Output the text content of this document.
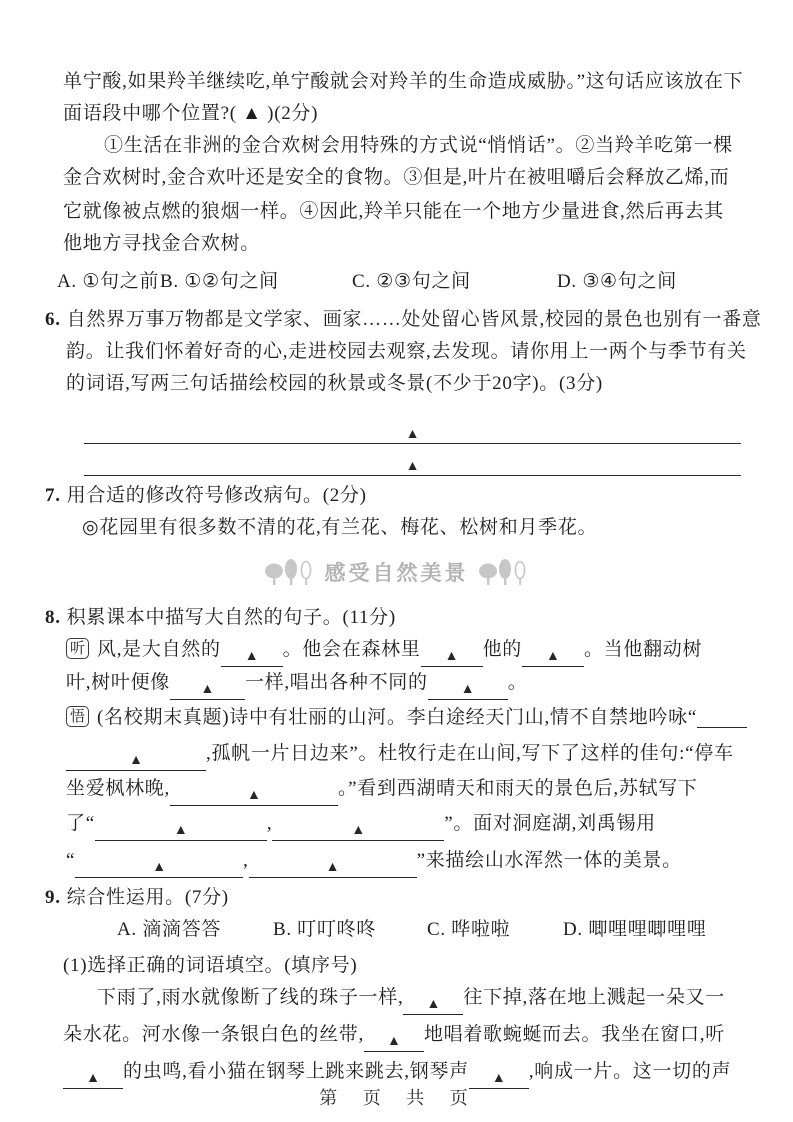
单宁酸,如果羚羊继续吃,单宁酸就会对羚羊的生命造成威胁。”这句话应该放在下
面语段中哪个位置?( ▲ )(2分)
①生活在非洲的金合欢树会用特殊的方式说“悄悄话”。②当羚羊吃第一棵
金合欢树时,金合欢叶还是安全的食物。③但是,叶片在被咀嚼后会释放乙烯,而
它就像被点燃的狼烟一样。④因此,羚羊只能在一个地方少量进食,然后再去其
他地方寻找金合欢树。
A. ①句之前 B. ①②句之间	C. ②③句之间	D. ③④句之间
6. 自然界万事万物都是文学家、画家……处处留心皆风景,校园的景色也别有一番意
韵。让我们怀着好奇的心,走进校园去观察,去发现。请你用上一两个与季节有关
的词语,写两三句话描绘校园的秋景或冬景(不少于20字)。(3分)
▲
▲
7. 用合适的修改符号修改病句。(2分)
◎花园里有很多数不清的花,有兰花、梅花、松树和月季花。
感受自然美景
8. 积累课本中描写大自然的句子。(11分)
听 风,是大自然的 ▲ 。他会在森林里 ▲ 他的 ▲ 。当他翻动树
叶,树叶便像 ▲ 一样,唱出各种不同的 ▲ 。
悟 (名校期末真题)诗中有壮丽的山河。李白途经天门山,情不自禁地吟咏“
▲	,孤帆一片日边来”。杜牧行走在山间,写下了这样的佳句:“停车
坐爱枫林晚,	▲	。”看到西湖晴天和雨天的景色后,苏轼写下
了“	▲	,	▲	”。面对洞庭湖,刘禹锡用
“	▲	,	▲	”来描绘山水浑然一体的美景。
9. 综合性运用。(7分)
A. 滴滴答答	B. 叮叮咚咚	C. 哗啦啦	D. 唧哩哩唧哩哩
(1)选择正确的词语填空。(填序号)
下雨了,雨水就像断了线的珠子一样, ▲ 往下掉,落在地上溅起一朵又一
朵水花。河水像一条银白色的丝带, ▲ 地唱着歌蜿蜒而去。我坐在窗口,听
▲ 的虫鸣,看小猫在钢琴上跳来跳去,钢琴声 ▲ ,响成一片。这一切的声
第 页 共 页
